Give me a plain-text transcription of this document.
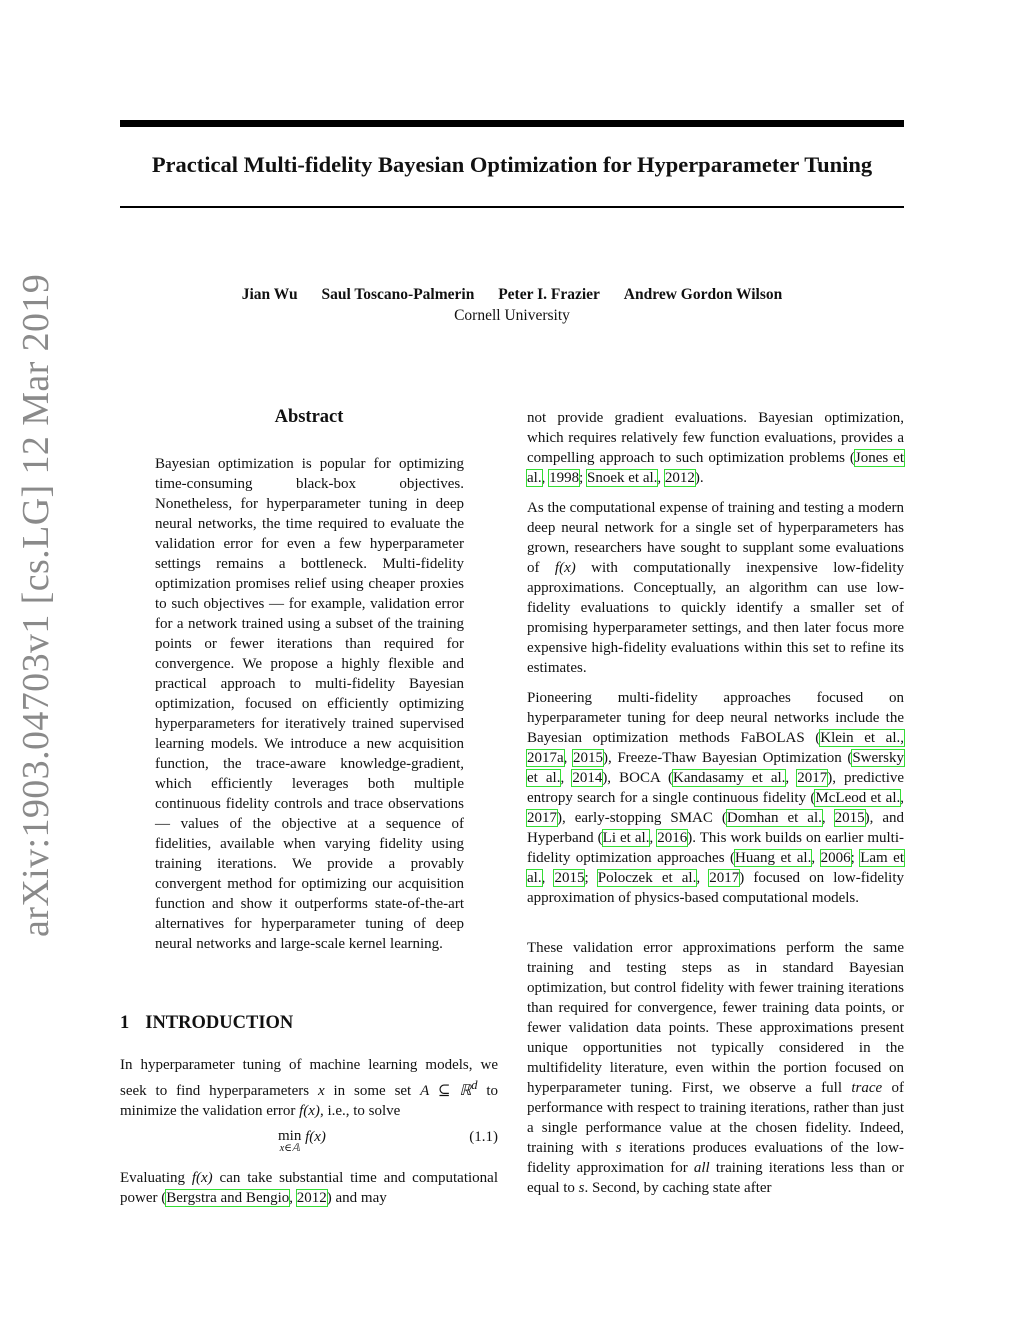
arXiv:1903.04703v1 [cs.LG] 12 Mar 2019
Practical Multi-fidelity Bayesian Optimization for Hyperparameter Tuning
Jian Wu Saul Toscano-Palmerin Peter I. Frazier Andrew Gordon Wilson
Cornell University
Abstract

Bayesian optimization is popular for optimizing time-consuming black-box objectives. Nonetheless, for hyperparameter tuning in deep neural networks, the time required to evaluate the validation error for even a few hyperparameter settings remains a bottleneck. Multi-fidelity optimization promises relief using cheaper proxies to such objectives — for example, validation error for a network trained using a subset of the training points or fewer iterations than required for convergence. We propose a highly flexible and practical approach to multi-fidelity Bayesian optimization, focused on efficiently optimizing hyperparameters for iteratively trained supervised learning models. We introduce a new acquisition function, the trace-aware knowledge-gradient, which efficiently leverages both multiple continuous fidelity controls and trace observations — values of the objective at a sequence of fidelities, available when varying fidelity using training iterations. We provide a provably convergent method for optimizing our acquisition function and show it outperforms state-of-the-art alternatives for hyperparameter tuning of deep neural networks and large-scale kernel learning.

1 INTRODUCTION

In hyperparameter tuning of machine learning models, we seek to find hyperparameters x in some set A ⊆ ℝ$^d$ to minimize the validation error f(x), i.e., to solve

min
x∈𝔸
f(x)	(1.1)

Evaluating f(x) can take substantial time and computational power (Bergstra and Bengio, 2012) and may

not provide gradient evaluations. Bayesian optimization, which requires relatively few function evaluations, provides a compelling approach to such optimization problems (Jones et al., 1998; Snoek et al., 2012).

As the computational expense of training and testing a modern deep neural network for a single set of hyperparameters has grown, researchers have sought to supplant some evaluations of f(x) with computationally inexpensive low-fidelity approximations. Conceptually, an algorithm can use low-fidelity evaluations to quickly identify a smaller set of promising hyperparameter settings, and then later focus more expensive high-fidelity evaluations within this set to refine its estimates.

Pioneering multi-fidelity approaches focused on hyperparameter tuning for deep neural networks include the Bayesian optimization methods FaBOLAS (Klein et al., 2017a, 2015), Freeze-Thaw Bayesian Optimization (Swersky et al., 2014), BOCA (Kandasamy et al., 2017), predictive entropy search for a single continuous fidelity (McLeod et al., 2017), early-stopping SMAC (Domhan et al., 2015), and Hyperband (Li et al., 2016). This work builds on earlier multi-fidelity optimization approaches (Huang et al., 2006; Lam et al., 2015; Poloczek et al., 2017) focused on low-fidelity approximation of physics-based computational models.

These validation error approximations perform the same training and testing steps as in standard Bayesian optimization, but control fidelity with fewer training iterations than required for convergence, fewer training data points, or fewer validation data points. These approximations present unique opportunities not typically considered in the multifidelity literature, even within the portion focused on hyperparameter tuning. First, we observe a full trace of performance with respect to training iterations, rather than just a single performance value at the chosen fidelity. Indeed, training with s iterations produces evaluations of the low-fidelity approximation for all training iterations less than or equal to s. Second, by caching state after
